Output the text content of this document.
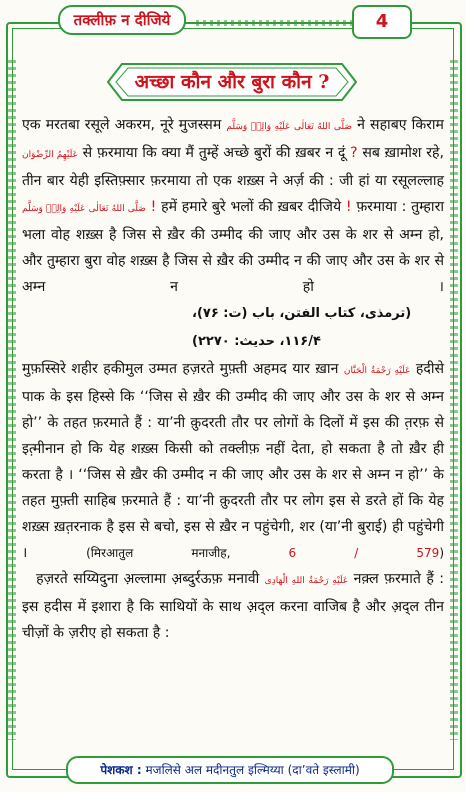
तक्लीफ़ न दीजिये	4
अच्छा कौन और बुरा कौन ?

एक मरतबा रसूले अकरम, नूरे मुजस्सम صَلَّى اللهُ تَعَالٰى عَلَيْهِ وَالِهٖ وَسَلَّم ने सहाबए किराम عَلَيْهِمُ الرِّضْوَان से फ़रमाया कि क्या मैं तुम्हें अच्छे बुरों की ख़बर न दूं ? सब ख़ामोश रहे, तीन बार येही इस्तिफ़्सार फ़रमाया तो एक शख़्स ने अर्ज़ की : जी हां या रसूलल्लाह صَلَّى اللهُ تَعَالٰى عَلَيْهِ وَالِهٖ وَسَلَّم ! हमें हमारे बुरे भलों की ख़बर दीजिये ! फ़रमाया : तुम्हारा भला वोह शख़्स है जिस से ख़ैर की उम्मीद की जाए और उस के शर से अम्न हो, और तुम्हारा बुरा वोह शख़्स है जिस से ख़ैर की उम्मीद न की जाए और उस के शर से अम्न न हो ।

(ترمذی، کتاب الفتن، باب (ت: ۷۶)، ۱۱۶/۴، حدیث: ۲۲۷۰)

मुफ़स्सिरे शहीर हकीमुल उम्मत हज़रते मुफ़्ती अहमद यार ख़ान عَلَيْهِ رَحْمَةُ الْحَنَّان हदीसे पाक के इस हिस्से कि ‘‘जिस से ख़ैर की उम्मीद की जाए और उस के शर से अम्न हो’’ के तहत फ़रमाते हैं : या’नी क़ुदरती तौर पर लोगों के दिलों में इस की त़रफ़ से इत़्मीनान हो कि येह शख़्स किसी को तक्लीफ़ नहीं देता, हो सकता है तो ख़ैर ही करता है । ‘‘जिस से ख़ैर की उम्मीद न की जाए और उस के शर से अम्न न हो’’ के तहत मुफ़्ती साहिब फ़रमाते हैं : या’नी क़ुदरती तौर पर लोग इस से डरते हों कि येह शख़्स ख़त़रनाक है इस से बचो, इस से ख़ैर न पहुंचेगी, शर (या’नी बुराई) ही पहुंचेगी । (मिरआतुल मनाजीह, 6 / 579)

 हज़रते सय्यिदुना अ़ल्लामा अ़ब्दुर्रऊफ़ मनावी عَلَيْهِ رَحْمَةُ اللهِ الْهَادِى नक़्ल फ़रमाते हैं : इस हदीस में इशारा है कि साथियों के साथ अ़द्ल करना वाजिब है और अ़द्ल तीन चीज़ों के ज़रीए हो सकता है :

पेशकश : मजलिसे अल मदीनतुल इल्मिय्या (दा’वते इस्लामी)
